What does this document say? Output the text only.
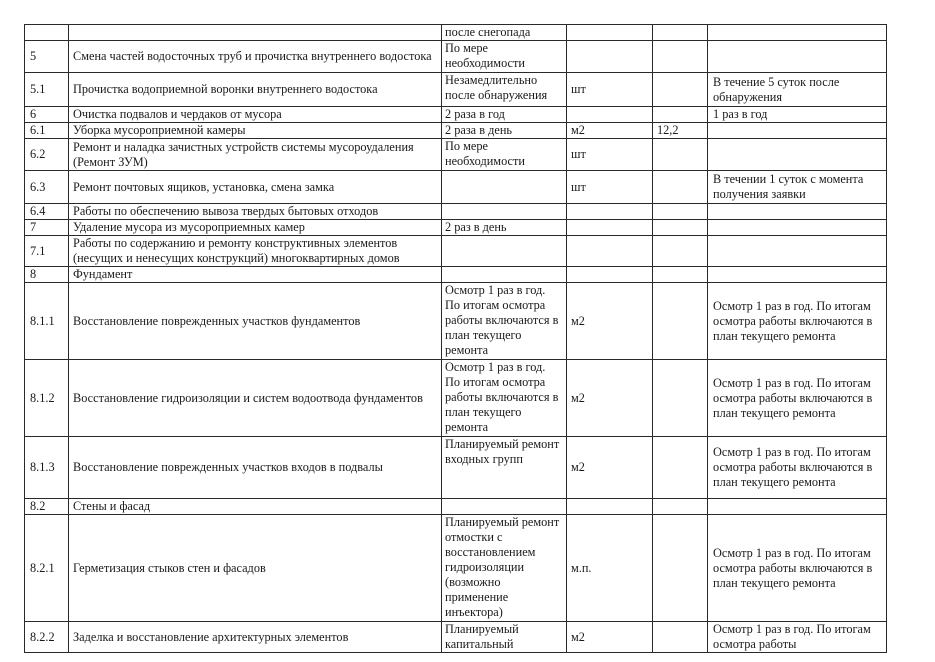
		после снегопада			
5	Смена частей водосточных труб и прочистка внутреннего водостока	По мере необходимости			
5.1	Прочистка водоприемной воронки внутреннего водостока	Незамедлительно после обнаружения	шт		В течение 5 суток после обнаружения
6	Очистка подвалов и чердаков от мусора	2 раза в год			1 раз в год
6.1	Уборка мусороприемной камеры	2 раза в день	м2	12,2	
6.2	Ремонт и наладка зачистных устройств системы мусороудаления (Ремонт ЗУМ)	По мере необходимости	шт		
6.3	Ремонт почтовых ящиков, установка, смена замка		шт		В течении 1 суток с момента получения заявки
6.4	Работы по обеспечению вывоза твердых бытовых отходов				
7	Удаление мусора из мусороприемных камер	2 раз в день			
7.1	Работы по содержанию и ремонту конструктивных элементов (несущих и ненесущих конструкций) многоквартирных домов				
8	Фундамент				
8.1.1	Восстановление поврежденных участков фундаментов	Осмотр 1 раз в год. По итогам осмотра работы включаются в план текущего ремонта	м2		Осмотр 1 раз в год. По итогам осмотра работы включаются в план текущего ремонта
8.1.2	Восстановление гидроизоляции и систем водоотвода фундаментов	Осмотр 1 раз в год. По итогам осмотра работы включаются в план текущего ремонта	м2		Осмотр 1 раз в год. По итогам осмотра работы включаются в план текущего ремонта
8.1.3	Восстановление поврежденных участков входов в подвалы	Планируемый ремонт входных групп	м2		Осмотр 1 раз в год. По итогам осмотра работы включаются в план текущего ремонта
8.2	Стены и фасад				
8.2.1	Герметизация стыков стен и фасадов	Планируемый ремонт отмостки с восстановлением гидроизоляции (возможно применение инъектора)	м.п.		Осмотр 1 раз в год. По итогам осмотра работы включаются в план текущего ремонта
8.2.2	Заделка и восстановление архитектурных элементов	Планируемый капитальный	м2		Осмотр 1 раз в год. По итогам осмотра работы
